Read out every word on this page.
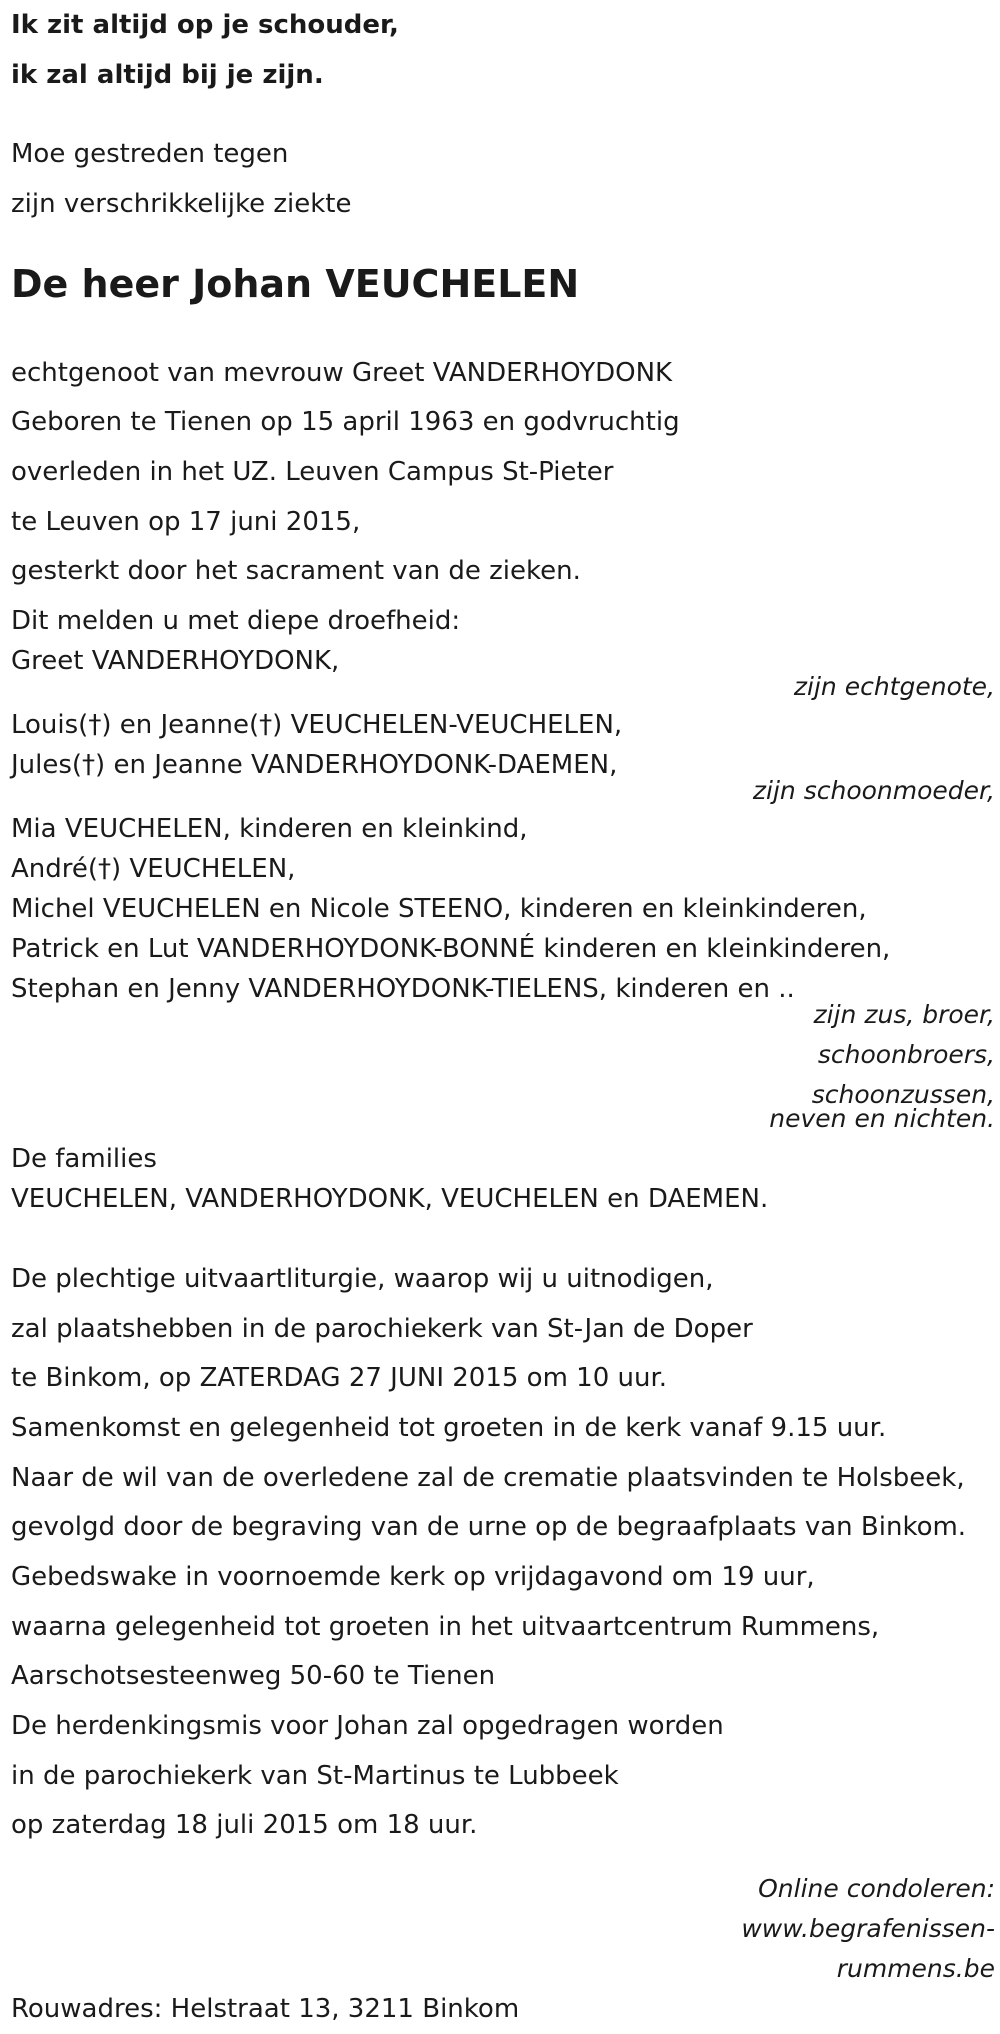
Ik zit altijd op je schouder,
ik zal altijd bij je zijn.
Moe gestreden tegen
zijn verschrikkelijke ziekte
De heer Johan VEUCHELEN
echtgenoot van mevrouw Greet VANDERHOYDONK
Geboren te Tienen op 15 april 1963 en godvruchtig
overleden in het UZ. Leuven Campus St-Pieter
te Leuven op 17 juni 2015,
gesterkt door het sacrament van de zieken.
Dit melden u met diepe droefheid:
Greet VANDERHOYDONK,
zijn echtgenote,
Louis(†) en Jeanne(†) VEUCHELEN-VEUCHELEN,
Jules(†) en Jeanne VANDERHOYDONK-DAEMEN,
zijn schoonmoeder,
Mia VEUCHELEN, kinderen en kleinkind,
André(†) VEUCHELEN,
Michel VEUCHELEN en Nicole STEENO, kinderen en kleinkinderen,
Patrick en Lut VANDERHOYDONK-BONNÉ kinderen en kleinkinderen,
Stephan en Jenny VANDERHOYDONK-TIELENS, kinderen en ..
zijn zus, broer,
schoonbroers,
schoonzussen,
neven en nichten.
De families
VEUCHELEN, VANDERHOYDONK, VEUCHELEN en DAEMEN.
De plechtige uitvaartliturgie, waarop wij u uitnodigen,
zal plaatshebben in de parochiekerk van St-Jan de Doper
te Binkom, op ZATERDAG 27 JUNI 2015 om 10 uur.
Samenkomst en gelegenheid tot groeten in de kerk vanaf 9.15 uur.
Naar de wil van de overledene zal de crematie plaatsvinden te Holsbeek,
gevolgd door de begraving van de urne op de begraafplaats van Binkom.
Gebedswake in voornoemde kerk op vrijdagavond om 19 uur,
waarna gelegenheid tot groeten in het uitvaartcentrum Rummens,
Aarschotsesteenweg 50-60 te Tienen
De herdenkingsmis voor Johan zal opgedragen worden
in de parochiekerk van St-Martinus te Lubbeek
op zaterdag 18 juli 2015 om 18 uur.
Online condoleren:
www.begrafenissen-
rummens.be
Rouwadres: Helstraat 13, 3211 Binkom
